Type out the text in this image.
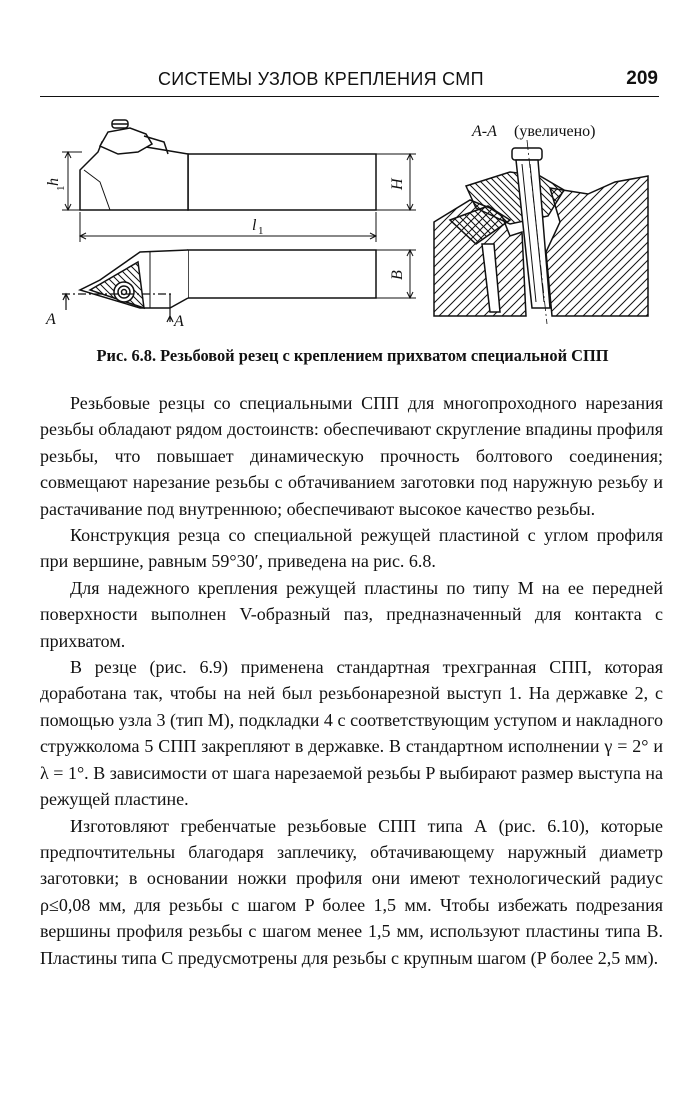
СИСТЕМЫ УЗЛОВ КРЕПЛЕНИЯ СМП	209
h
1	H
l 1
B
A	A
A-A (увеличено)
Рис. 6.8. Резьбовой резец с креплением прихватом специальной СПП

Резьбовые резцы со специальными СПП для многопроходного нарезания резьбы обладают рядом достоинств: обеспечивают скругление впадины профиля резьбы, что повышает динамическую прочность болтового соединения; совмещают нарезание резьбы с обтачиванием заготовки под наружную резьбу и растачивание под внутреннюю; обеспечивают высокое качество резьбы.

Конструкция резца со специальной режущей пластиной с углом профиля при вершине, равным 59°30′, приведена на рис. 6.8.

Для надежного крепления режущей пластины по типу М на ее передней поверхности выполнен V-образный паз, предназначенный для контакта с прихватом.

В резце (рис. 6.9) применена стандартная трехгранная СПП, которая доработана так, чтобы на ней был резьбонарезной выступ 1. На державке 2, с помощью узла 3 (тип М), подкладки 4 с соответствующим уступом и накладного стружколома 5 СПП закрепляют в державке. В стандартном исполнении γ = 2° и λ = 1°. В зависимости от шага нарезаемой резьбы P выбирают размер выступа на режущей пластине.

Изготовляют гребенчатые резьбовые СПП типа А (рис. 6.10), которые предпочтительны благодаря заплечику, обтачивающему наружный диаметр заготовки; в основании ножки профиля они имеют технологический радиус ρ≤0,08 мм, для резьбы с шагом P более 1,5 мм. Чтобы избежать подрезания вершины профиля резьбы с шагом менее 1,5 мм, используют пластины типа В. Пластины типа С предусмотрены для резьбы с крупным шагом (P более 2,5 мм).
